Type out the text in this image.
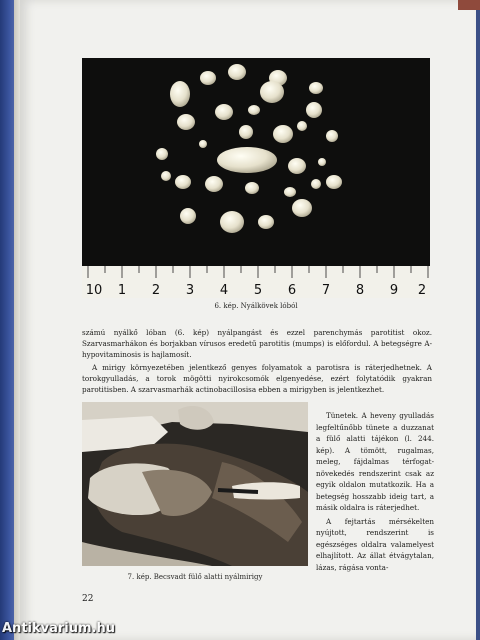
10 1 2 3 4 5 6 7 8 9 2
6. kép. Nyálkövek lóból

számú nyálkő lóban (6. kép) nyálpangást és ezzel parenchymás parotitist okoz. Szarvasmarhákon és borjakban vírusos eredetű parotitis (mumps) is előfordul. A betegségre A-hypovitaminosis is hajlamosít.

A mirigy környezetében jelentkező genyes folyamatok a parotisra is ráterjedhetnek. A torokgyulladás, a torok mögötti nyirokcsomók elgenyedése, ezért folytatódik gyakran parotitisben. A szarvasmarhák actinobacillosisa ebben a mirigyben is jelentkezhet.

7. kép. Becsvadt fülő alatti nyálmirigy

Tünetek. A heveny gyulladás legfeltűnőbb tünete a duzzanat a fülő alatti tájékon (l. 244. kép). A tömött, rugalmas, meleg, fájdalmas térfogat-növekedés rendszerint csak az egyik oldalon mutatkozik. Ha a betegség hosszabb ideig tart, a másik oldalra is ráterjedhet.

A fejtartás mérsékelten nyújtott, rendszerint is egészséges oldalra valamelyest elhajlított. Az állat étvágytalan, lázas, rágása vonta-

22
Antikvarium.hu
